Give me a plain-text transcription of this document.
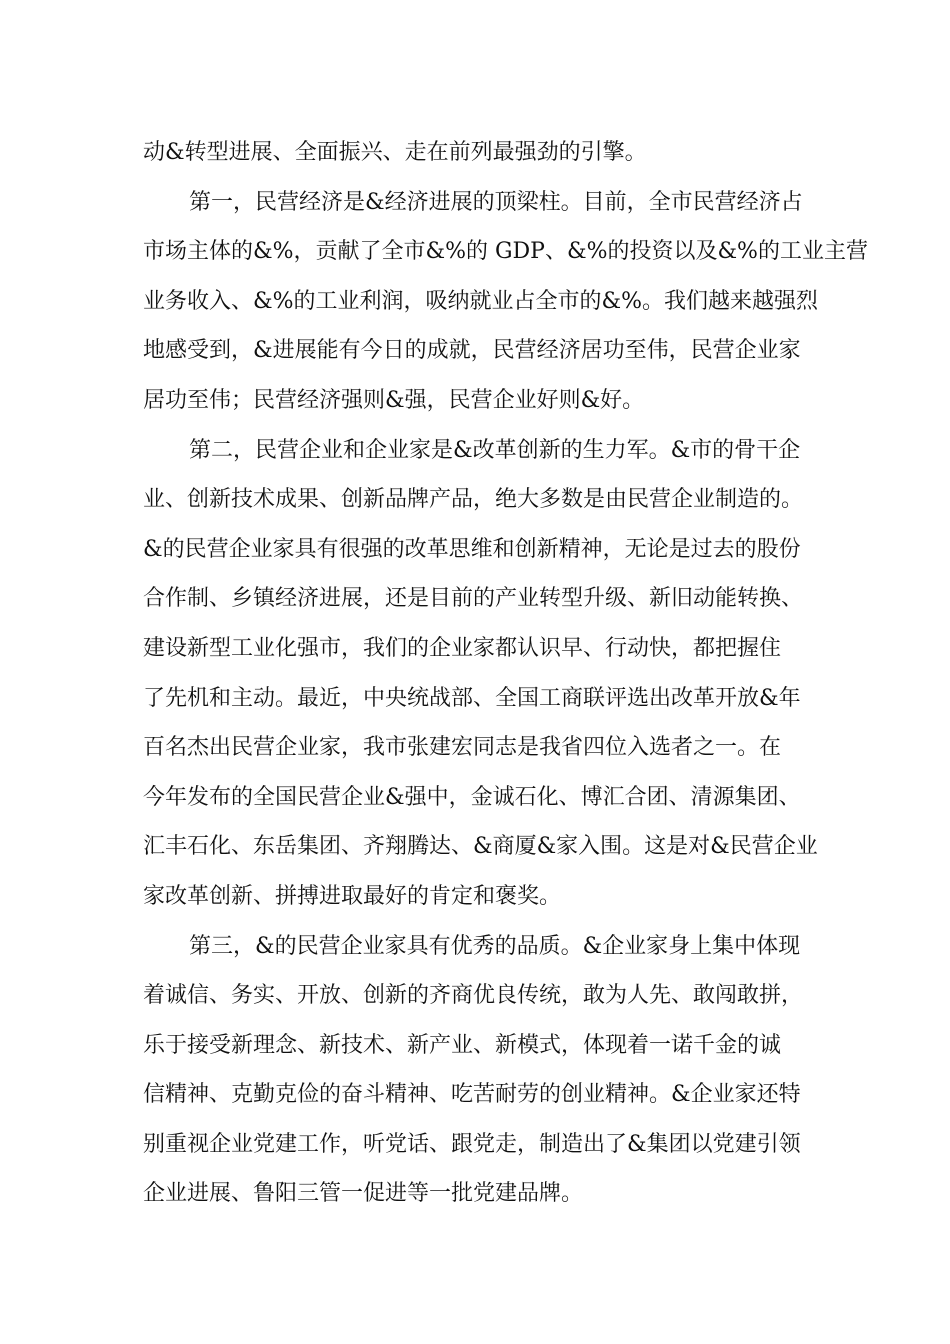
动&转型进展、全面振兴、走在前列最强劲的引擎。
第一，民营经济是&经济进展的顶梁柱。目前，全市民营经济占
市场主体的&%，贡献了全市&%的 GDP、&%的投资以及&%的工业主营
业务收入、&%的工业利润，吸纳就业占全市的&%。我们越来越强烈
地感受到，&进展能有今日的成就，民营经济居功至伟，民营企业家
居功至伟；民营经济强则&强，民营企业好则&好。
第二，民营企业和企业家是&改革创新的生力军。&市的骨干企
业、创新技术成果、创新品牌产品，绝大多数是由民营企业制造的。
&的民营企业家具有很强的改革思维和创新精神，无论是过去的股份
合作制、乡镇经济进展，还是目前的产业转型升级、新旧动能转换、
建设新型工业化强市，我们的企业家都认识早、行动快，都把握住
了先机和主动。最近，中央统战部、全国工商联评选出改革开放&年
百名杰出民营企业家，我市张建宏同志是我省四位入选者之一。在
今年发布的全国民营企业&强中，金诚石化、博汇合团、清源集团、
汇丰石化、东岳集团、齐翔腾达、&商厦&家入围。这是对&民营企业
家改革创新、拼搏进取最好的肯定和褒奖。
第三，&的民营企业家具有优秀的品质。&企业家身上集中体现
着诚信、务实、开放、创新的齐商优良传统，敢为人先、敢闯敢拼，
乐于接受新理念、新技术、新产业、新模式，体现着一诺千金的诚
信精神、克勤克俭的奋斗精神、吃苦耐劳的创业精神。&企业家还特
别重视企业党建工作，听党话、跟党走，制造出了&集团以党建引领
企业进展、鲁阳三管一促进等一批党建品牌。
